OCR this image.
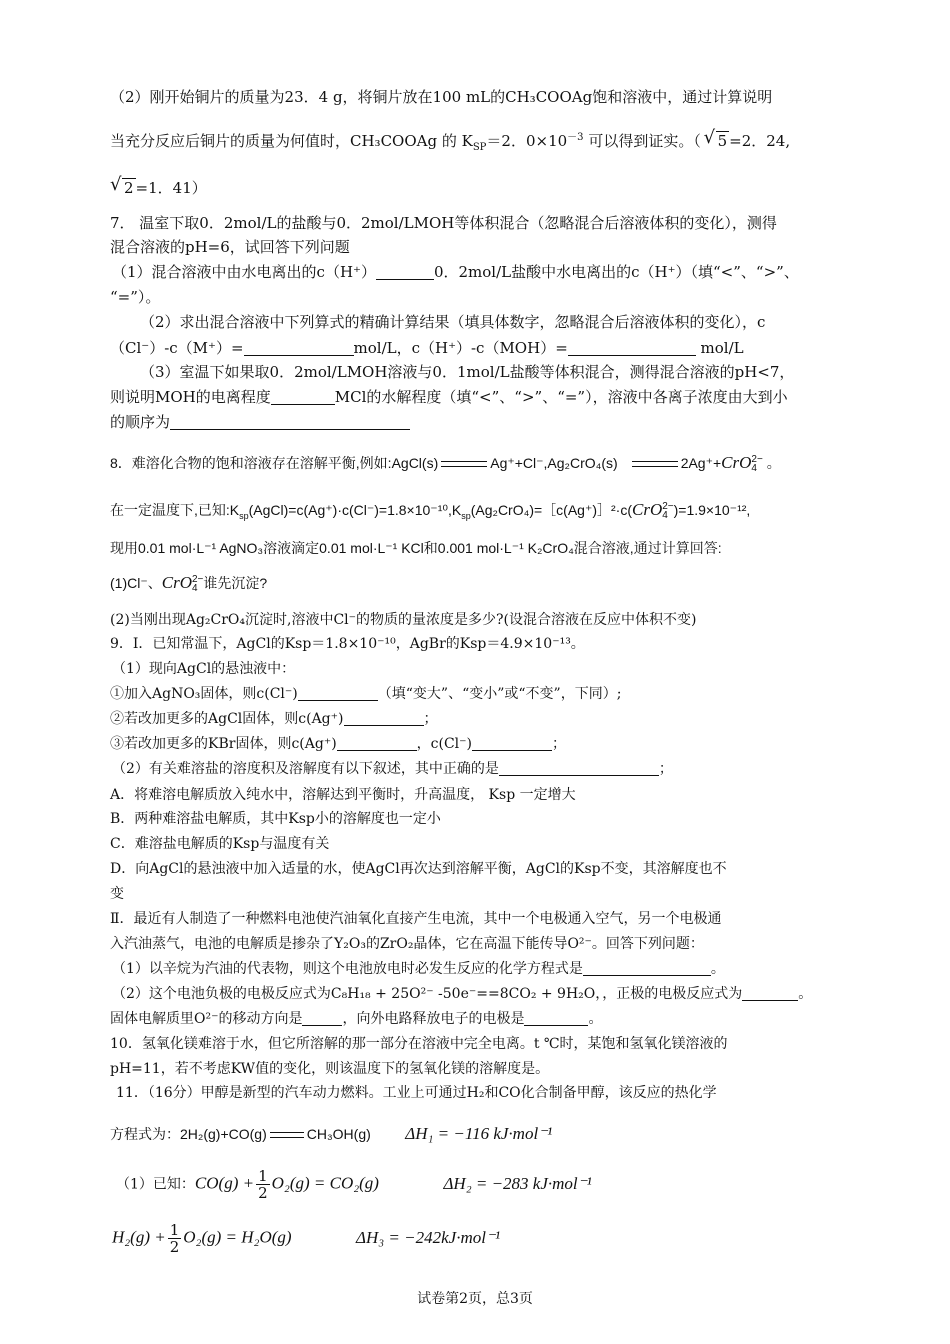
（2）刚开始铜片的质量为23．4 g，将铜片放在100 mL的CH₃COOAg饱和溶液中，通过计算说明
当充分反应后铜片的质量为何值时，CH₃COOAg 的 $K_{SP}=2$．$0\times 10^{-3}$ 可以得到证实。（ √ 5 =2．24,
√ 2 =1．41）
7． 温室下取0．2mol/L的盐酸与0．2mol/LMOH等体积混合（忽略混合后溶液体积的变化），测得
混合溶液的pH=6，试回答下列问题
（1）混合溶液中由水电离出的c（H⁺）	0．2mol/L盐酸中水电离出的c（H⁺）（填“<”、“>”、
“=”）。
（2）求出混合溶液中下列算式的精确计算结果（填具体数字，忽略混合后溶液体积的变化），c
（Cl⁻）-c（M⁺）=	mol/L，c（H⁺）-c（MOH）=	mol/L
（3）室温下如果取0．2mol/LMOH溶液与0．1mol/L盐酸等体积混合，测得混合溶液的pH<7，
则说明MOH的电离程度	MCl的水解程度（填“<”、“>”、“=”），溶液中各离子浓度由大到小
的顺序为
8．难溶化合物的饱和溶液存在溶解平衡,例如:AgCl(s)	Ag⁺+Cl⁻,Ag₂CrO₄(s)	2Ag⁺+CrO 2−
4 。
在一定温度下,已知$:K_{sp}(AgCl)=c(Ag^+)\cdot c(Cl^-)=1.8\times 10^{-10},K_{sp}(Ag_2CrO_4)=[c(Ag^+)]^2\cdot c(CrO$ 2−
4 )=1.9×10⁻¹²,
现用0.01 mol·L⁻¹ AgNO₃溶液滴定0.01 mol·L⁻¹ KCl和0.001 mol·L⁻¹ K₂CrO₄混合溶液,通过计算回答:
(1)Cl⁻、CrO 2−
4 谁先沉淀?
(2)当刚出现Ag₂CrO₄沉淀时,溶液中Cl⁻的物质的量浓度是多少?(设混合溶液在反应中体积不变)
9．Ⅰ．已知常温下，AgCl的Ksp＝1.8×10⁻¹⁰，AgBr的Ksp＝4.9×10⁻¹³。
（1）现向AgCl的悬浊液中：
①加入AgNO₃固体，则c(Cl⁻)	（填“变大”、“变小”或“不变”，下同）;
②若改加更多的AgCl固体，则c(Ag⁺)	；
③若改加更多的KBr固体，则c(Ag⁺)	，c(Cl⁻)	；
（2）有关难溶盐的溶度积及溶解度有以下叙述，其中正确的是	；
A．将难溶电解质放入纯水中，溶解达到平衡时，升高温度， Ksp 一定增大
B．两种难溶盐电解质，其中Ksp小的溶解度也一定小
C．难溶盐电解质的Ksp与温度有关
D．向AgCl的悬浊液中加入适量的水，使AgCl再次达到溶解平衡，AgCl的Ksp不变，其溶解度也不
变
Ⅱ．最近有人制造了一种燃料电池使汽油氧化直接产生电流，其中一个电极通入空气，另一个电极通
入汽油蒸气，电池的电解质是掺杂了Y₂O₃的ZrO₂晶体，它在高温下能传导O²⁻。回答下列问题：
（1）以辛烷为汽油的代表物，则这个电池放电时必发生反应的化学方程式是	。
（2）这个电池负极的电极反应式为C₈H₁₈ + 25O²⁻ -50e⁻==8CO₂ + 9H₂O，，正极的电极反应式为	。
固体电解质里O²⁻的移动方向是	，向外电路释放电子的电极是	。
10．氢氧化镁难溶于水，但它所溶解的那一部分在溶液中完全电离。t ℃时，某饱和氢氧化镁溶液的
pH=11，若不考虑KW值的变化，则该温度下的氢氧化镁的溶解度是。
11．（16分）甲醇是新型的汽车动力燃料。工业上可通过H₂和CO化合制备甲醇，该反应的热化学
方程式为：2H₂(g)+CO(g)	CH₃OH(g) ΔH₁ = −116 kJ·mol⁻¹
（1）已知：$CO(g) + \frac{1}{2} O_2(g) = CO_2(g)$	ΔH₂ = −283 kJ·mol⁻¹
$H_2(g) + \frac{1}{2} O_2(g) = H_2O(g)$	ΔH₃ = −242kJ·mol⁻¹
试卷第2页，总3页
